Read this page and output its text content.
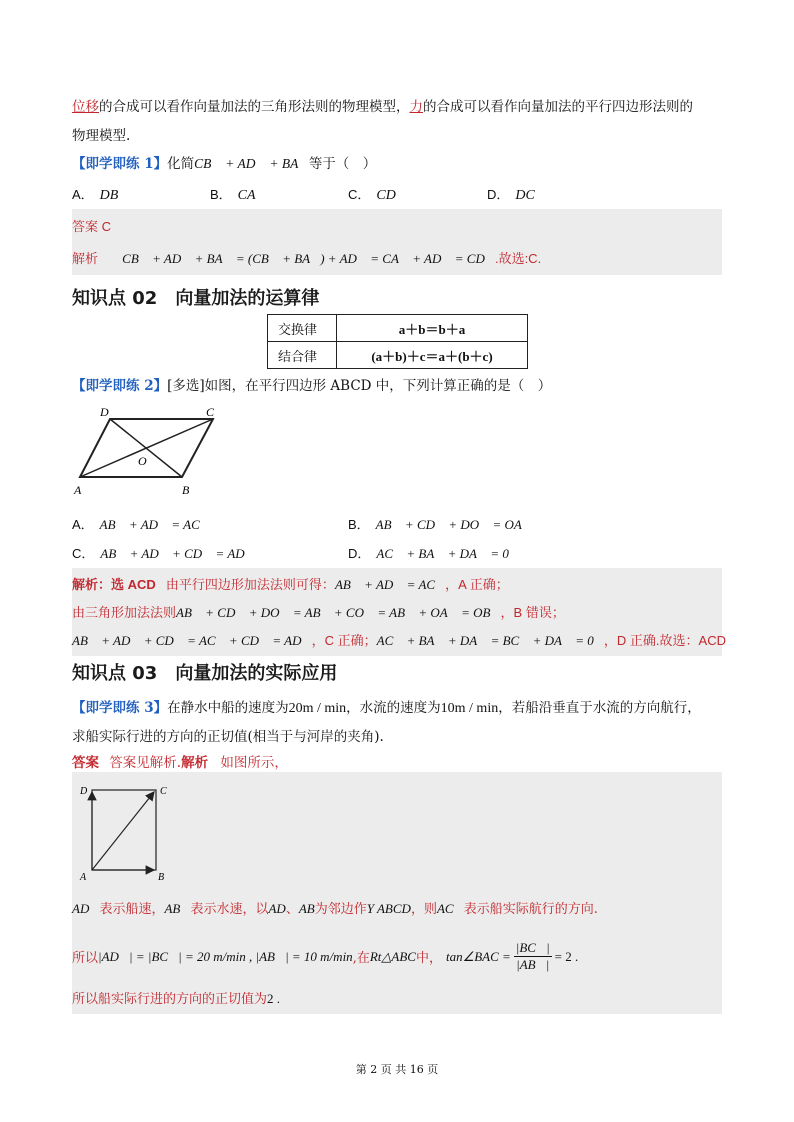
位移的合成可以看作向量加法的三角形法则的物理模型，力的合成可以看作向量加法的平行四边形法则的
物理模型.
【即学即练 1】化简CB⃗ + AD⃗ + BA⃗等于（　）
A． DB⃗	B． CA⃗	C． CD⃗	D． DC⃗
答案 C
解析 CB⃗ + AD⃗ + BA⃗ = (CB⃗ + BA⃗) + AD⃗ = CA⃗ + AD⃗ = CD⃗.故选:C.
知识点 02　向量加法的运算律
交换律	a＋b＝b＋a
结合律	(a＋b)＋c＝a＋(b＋c)
【即学即练 2】[多选]如图，在平行四边形 ABCD 中，下列计算正确的是（　）
A	B
C
D
O
A． AB⃗ + AD⃗ = AC⃗	B． AB⃗ + CD⃗ + DO⃗ = OA⃗
C． AB⃗ + AD⃗ + CD⃗ = AD⃗	D． AC⃗ + BA⃗ + DA⃗ = 0⃗
解析：选 ACD 由平行四边形加法法则可得：AB⃗ + AD⃗ = AC⃗，A 正确；
由三角形加法法则AB⃗ + CD⃗ + DO⃗ = AB⃗ + CO⃗ = AB⃗ + OA⃗ = OB⃗，B 错误；
AB⃗ + AD⃗ + CD⃗ = AC⃗ + CD⃗ = AD⃗，C 正确；AC⃗ + BA⃗ + DA⃗ = BC⃗ + DA⃗ = 0⃗，D 正确.故选：ACD
知识点 03　向量加法的实际应用
【即学即练 3】在静水中船的速度为20m / min，水流的速度为10m / min，若船沿垂直于水流的方向航行，
求船实际行进的方向的正切值(相当于与河岸的夹角).
答案 答案见解析.解析 如图所示，
A	B
C
D
AD⃗表示船速，AB⃗表示水速，以AD、AB为邻边作Y ABCD，则AC⃗表示船实际航行的方向.
所以 |AD⃗| = |BC⃗| = 20 m/min , |AB⃗| = 10 m/min ,在 Rt△ABC 中， tan∠BAC = $\frac{|BC⃗|}{|AB⃗|} = 2$ .
所以船实际行进的方向的正切值为2 .
第 2 页 共 16 页
